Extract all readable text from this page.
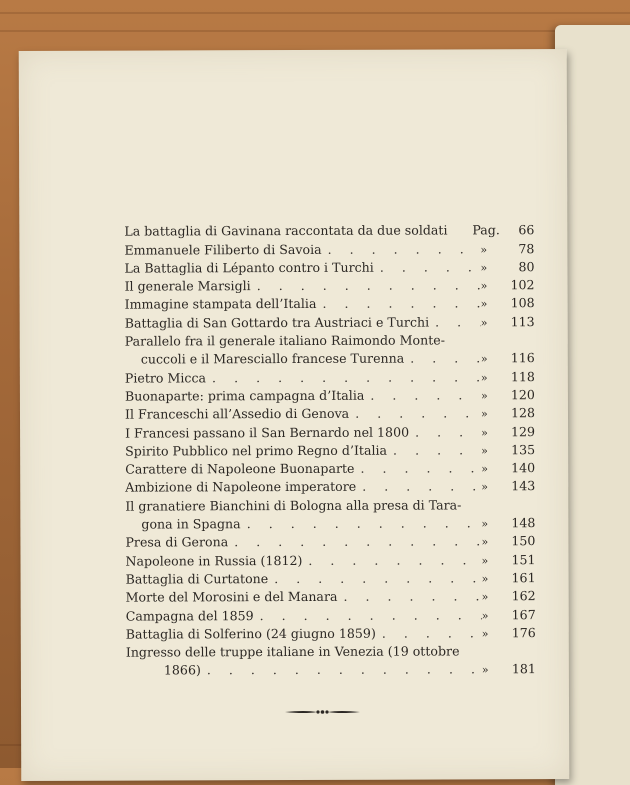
La battaglia di Gavinana raccontata da due soldati Pag.	66
Emmanuele Filiberto di Savoia . . .	»	78
La Battaglia di Lépanto contro i Turchi . . .	»	80
Il generale Marsigli . . .	»	102
Immagine stampata dell’Italia . . .	»	108
Battaglia di San Gottardo tra Austriaci e Turchi . . .	»	113
Parallelo fra il generale italiano Raimondo Monte-
cuccoli e il Maresciallo francese Turenna . . .	»	116
Pietro Micca . . .	»	118
Buonaparte: prima campagna d’Italia . . .	»	120
Il Franceschi all’Assedio di Genova . . .	»	128
I Francesi passano il San Bernardo nel 1800 . . .	»	129
Spirito Pubblico nel primo Regno d’Italia . . .	»	135
Carattere di Napoleone Buonaparte . . .	»	140
Ambizione di Napoleone imperatore . . .	»	143
Il granatiere Bianchini di Bologna alla presa di Tara-
gona in Spagna . . .	»	148
Presa di Gerona . . .	»	150
Napoleone in Russia (1812) . . .	»	151
Battaglia di Curtatone . . .	»	161
Morte del Morosini e del Manara . . .	»	162
Campagna del 1859 . . .	»	167
Battaglia di Solferino (24 giugno 1859) . . .	»	176
Ingresso delle truppe italiane in Venezia (19 ottobre
1866) . . .	»	181
